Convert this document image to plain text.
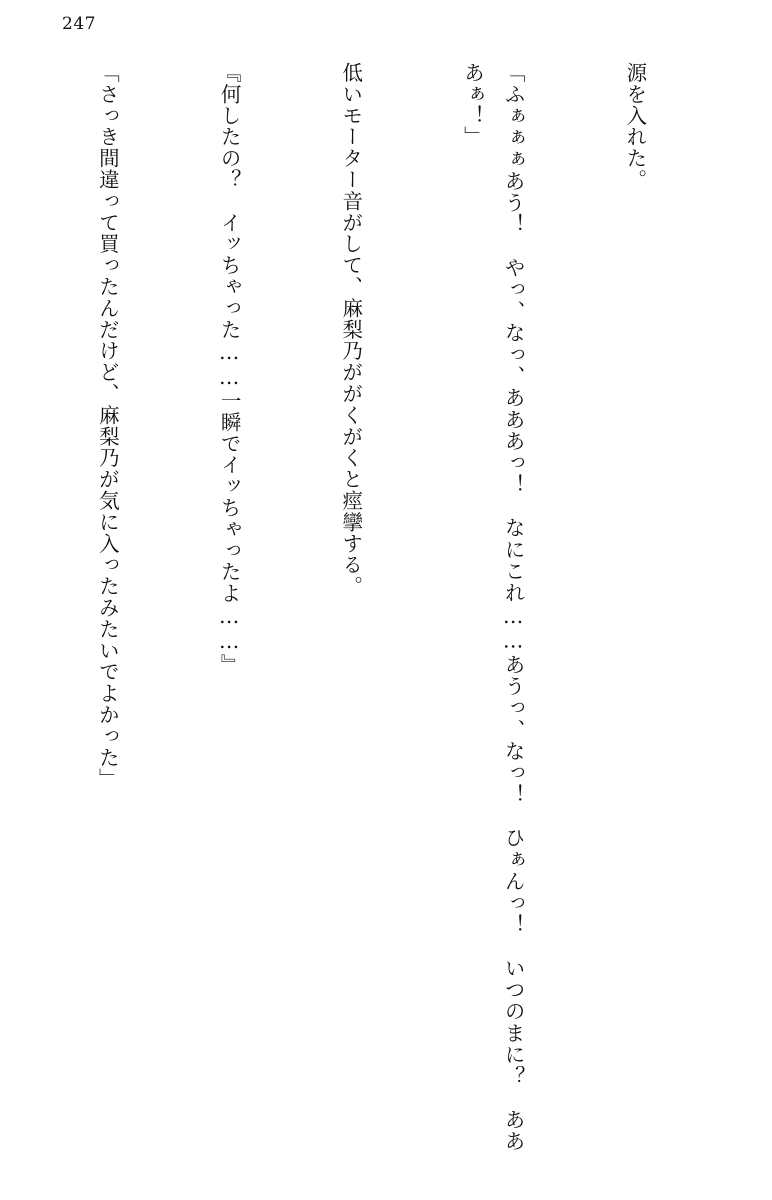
247

源を入れた。

「ふぁぁぁあう！　やっ、なっ、あああっ！　なにこれ……あうっ、なっ！　ひぁんっ！　いつのまに？　あああぁ！」

低いモーター音がして、麻梨乃ががくがくと痙攣する。

『何したの？　イッちゃった……一瞬でイッちゃったよ……』

「さっき間違って買ったんだけど、麻梨乃が気に入ったみたいでよかった」
